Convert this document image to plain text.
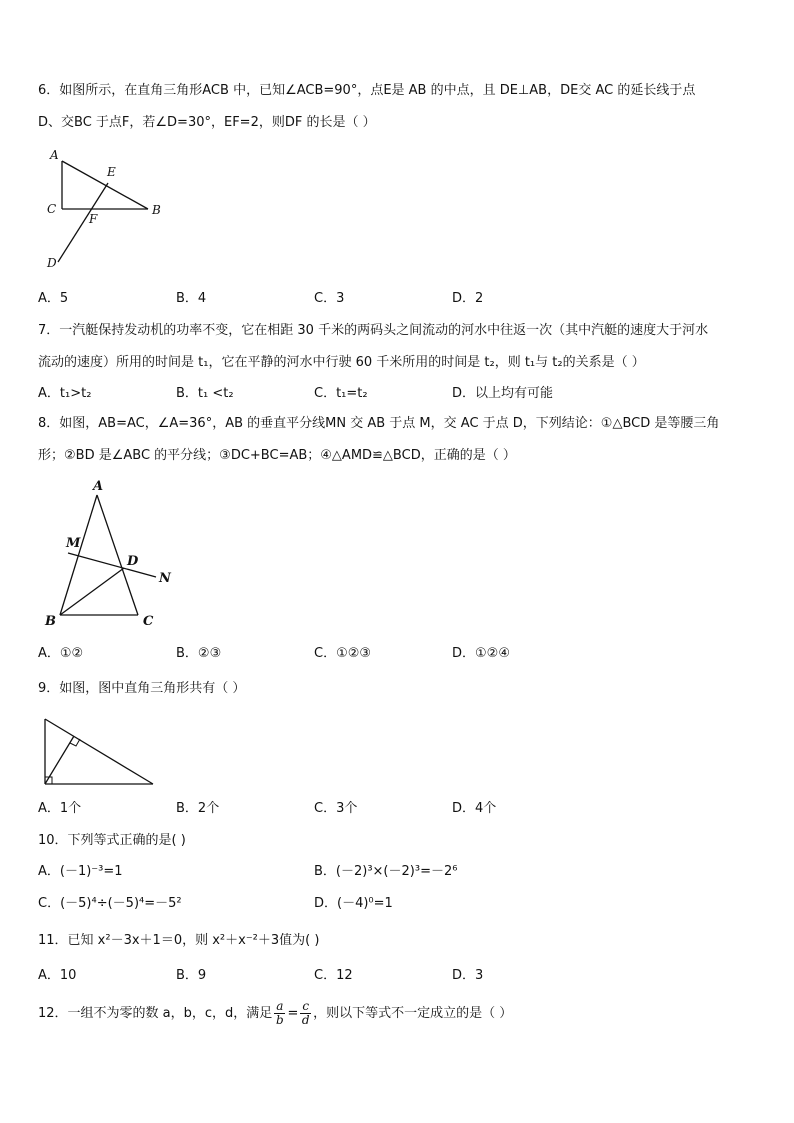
6．如图所示，在直角三角形ACB 中，已知∠ACB=90°，点E是 AB 的中点，且 DE⊥AB，DE交 AC 的延长线于点
D、交BC 于点F，若∠D=30°，EF=2，则DF 的长是（ ）
A
E
C
F
B
D
A．5	B．4	C．3	D．2
7．一汽艇保持发动机的功率不变，它在相距 30 千米的两码头之间流动的河水中往返一次（其中汽艇的速度大于河水
流动的速度）所用的时间是 t₁，它在平静的河水中行驶 60 千米所用的时间是 t₂，则 t₁与 t₂的关系是（ ）
A．t₁>t₂	B．t₁ <t₂	C．t₁=t₂	D．以上均有可能
8．如图，AB=AC，∠A=36°，AB 的垂直平分线MN 交 AB 于点 M，交 AC 于点 D，下列结论：①△BCD 是等腰三角
形；②BD 是∠ABC 的平分线；③DC+BC=AB；④△AMD≌△BCD，正确的是（ ）
A
M
D
N
B	C
A．①②	B．②③	C．①②③	D．①②④
9．如图，图中直角三角形共有（ ）
A．1个	B．2个	C．3个	D．4个
10．下列等式正确的是( )
A．(－1)⁻³=1	B．(－2)³×(－2)³=－2⁶
C．(－5)⁴÷(－5)⁴=－5²	D．(－4)⁰=1
11．已知 x²－3x＋1＝0，则 x²＋x⁻²＋3值为( )
A．10	B．9	C．12	D．3
12．一组不为零的数 a，b，c，d，满足 $\frac{a}{b} = \frac{c}{d}$ ，则以下等式不一定成立的是（ ）
